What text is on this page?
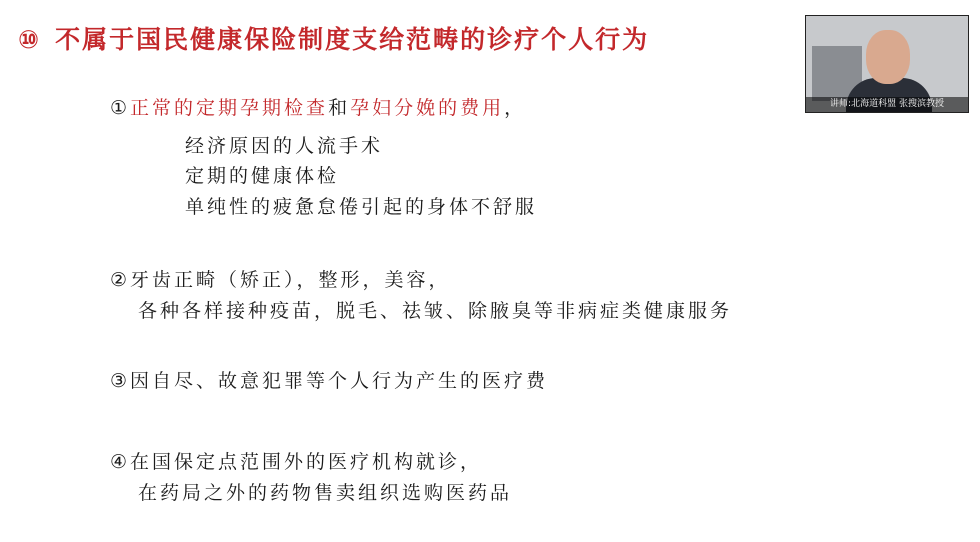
⑩ 不属于国民健康保险制度支给范畴的诊疗个人行为
①正常的定期孕期检查和孕妇分娩的费用，
经济原因的人流手术
定期的健康体检
单纯性的疲惫怠倦引起的身体不舒服
②牙齿正畸（矫正），整形，美容，
各种各样接种疫苗，脱毛、祛皱、除腋臭等非病症类健康服务
③因自尽、故意犯罪等个人行为产生的医疗费
④在国保定点范围外的医疗机构就诊，
在药局之外的药物售卖组织选购医药品
讲师:北海道科盟 张搜滨教授
